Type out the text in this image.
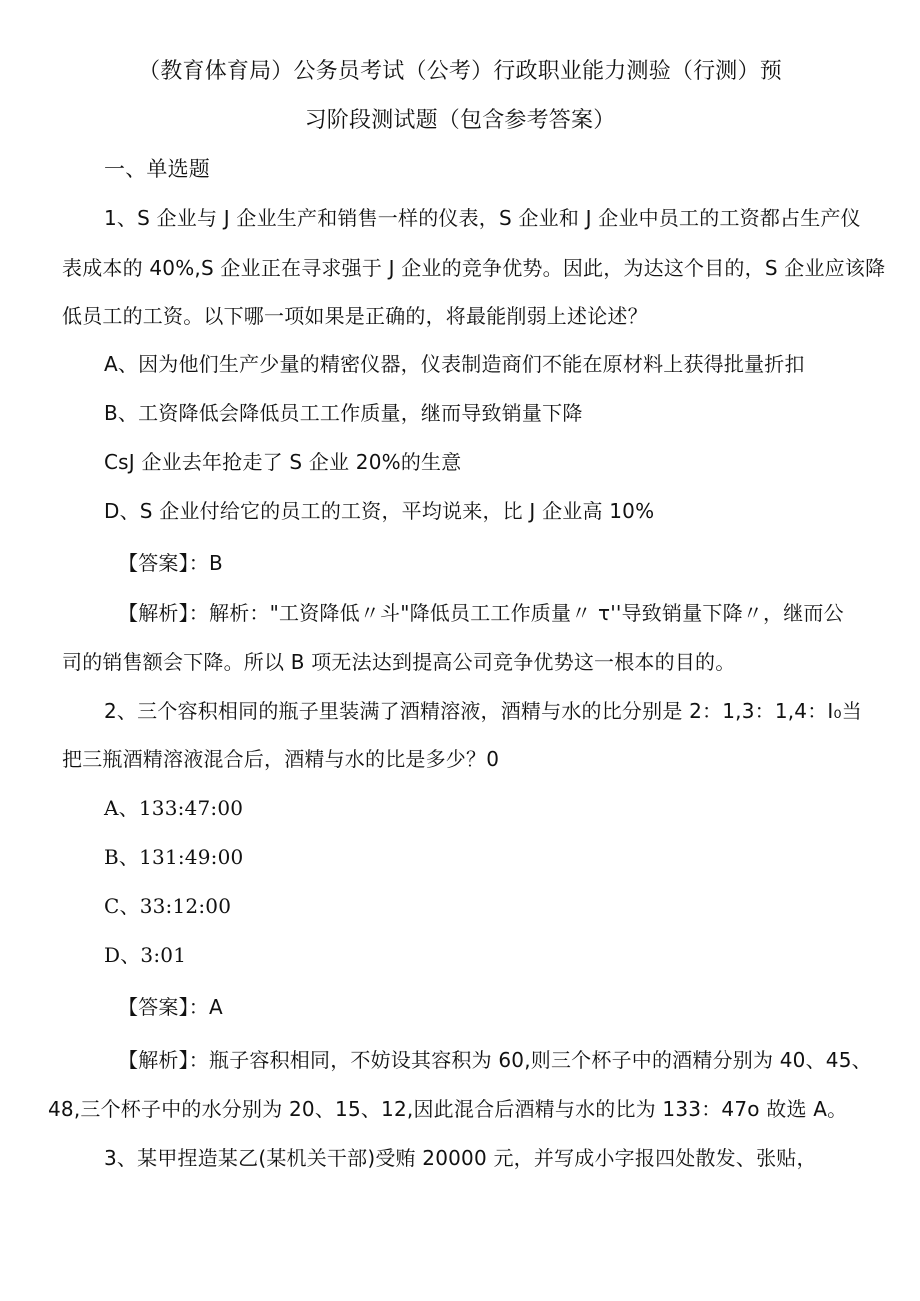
（教育体育局）公务员考试（公考）行政职业能力测验（行测）预
习阶段测试题（包含参考答案）
一、单选题
1、S 企业与 J 企业生产和销售一样的仪表，S 企业和 J 企业中员工的工资都占生产仪
表成本的 40%,S 企业正在寻求强于 J 企业的竞争优势。因此，为达这个目的，S 企业应该降
低员工的工资。以下哪一项如果是正确的，将最能削弱上述论述？
A、因为他们生产少量的精密仪器，仪表制造商们不能在原材料上获得批量折扣
B、工资降低会降低员工工作质量，继而导致销量下降
CsJ 企业去年抢走了 S 企业 20%的生意
D、S 企业付给它的员工的工资，平均说来，比 J 企业高 10%
【答案】：B
【解析】：解析："工资降低〃斗"降低员工工作质量〃 τ''导致销量下降〃，继而公
司的销售额会下降。所以 B 项无法达到提高公司竞争优势这一根本的目的。
2、三个容积相同的瓶子里装满了酒精溶液，酒精与水的比分别是 2：1,3：1,4：I₀当
把三瓶酒精溶液混合后，酒精与水的比是多少？0
A、133:47:00
B、131:49:00
C、33:12:00
D、3:01
【答案】：A
【解析】：瓶子容积相同，不妨设其容积为 60,则三个杯子中的酒精分别为 40、45、
48,三个杯子中的水分别为 20、15、12,因此混合后酒精与水的比为 133：47o 故选 A。
3、某甲捏造某乙(某机关干部)受贿 20000 元，并写成小字报四处散发、张贴，
